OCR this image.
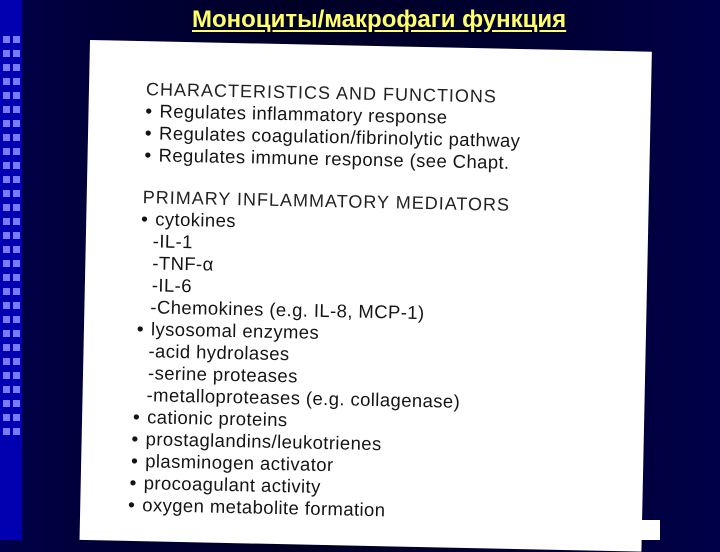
Моноциты/макрофаги функция
CHARACTERISTICS AND FUNCTIONS
• Regulates inflammatory response
• Regulates coagulation/fibrinolytic pathway
• Regulates immune response (see Chapt.
PRIMARY INFLAMMATORY MEDIATORS
• cytokines
-IL-1
-TNF-α
-IL-6
-Chemokines (e.g. IL-8, MCP-1)
• lysosomal enzymes
-acid hydrolases
-serine proteases
-metalloproteases (e.g. collagenase)
• cationic proteins
• prostaglandins/leukotrienes
• plasminogen activator
• procoagulant activity
• oxygen metabolite formation
